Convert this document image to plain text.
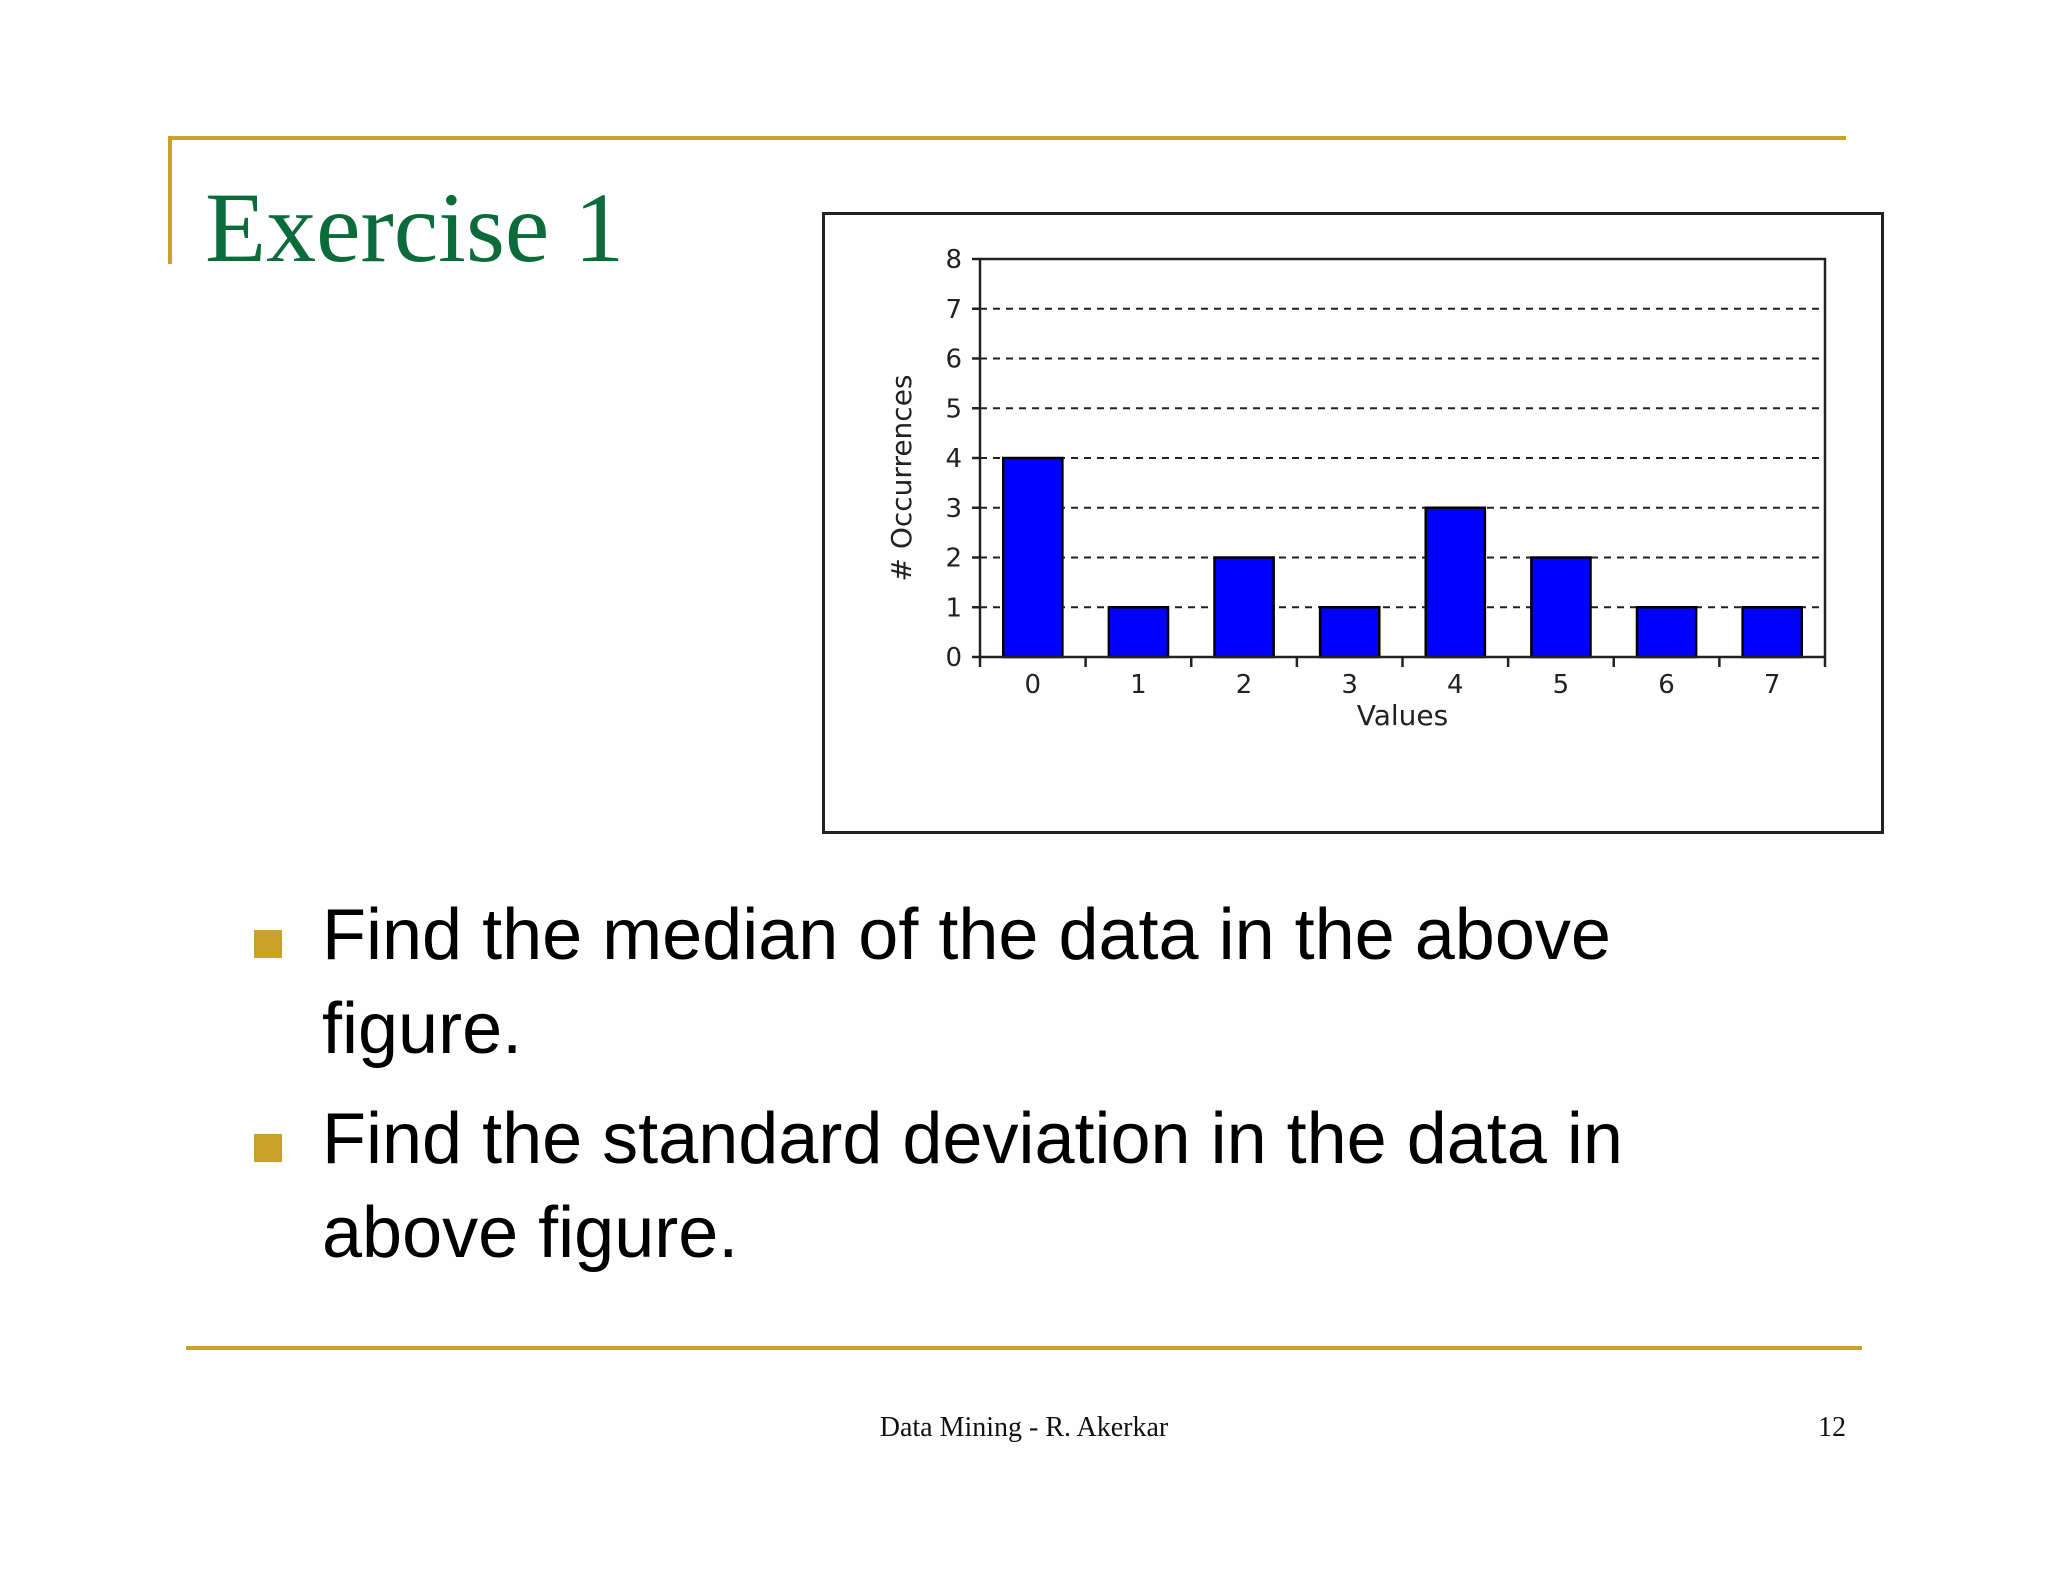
Exercise 1
0
1
2
3
4
5
6
7
8
0	1	2	3	4	5	6	7
Values
# Occurrences
Find the median of the data in the above figure.
Find the standard deviation in the data in above figure.
Data Mining - R. Akerkar	12
